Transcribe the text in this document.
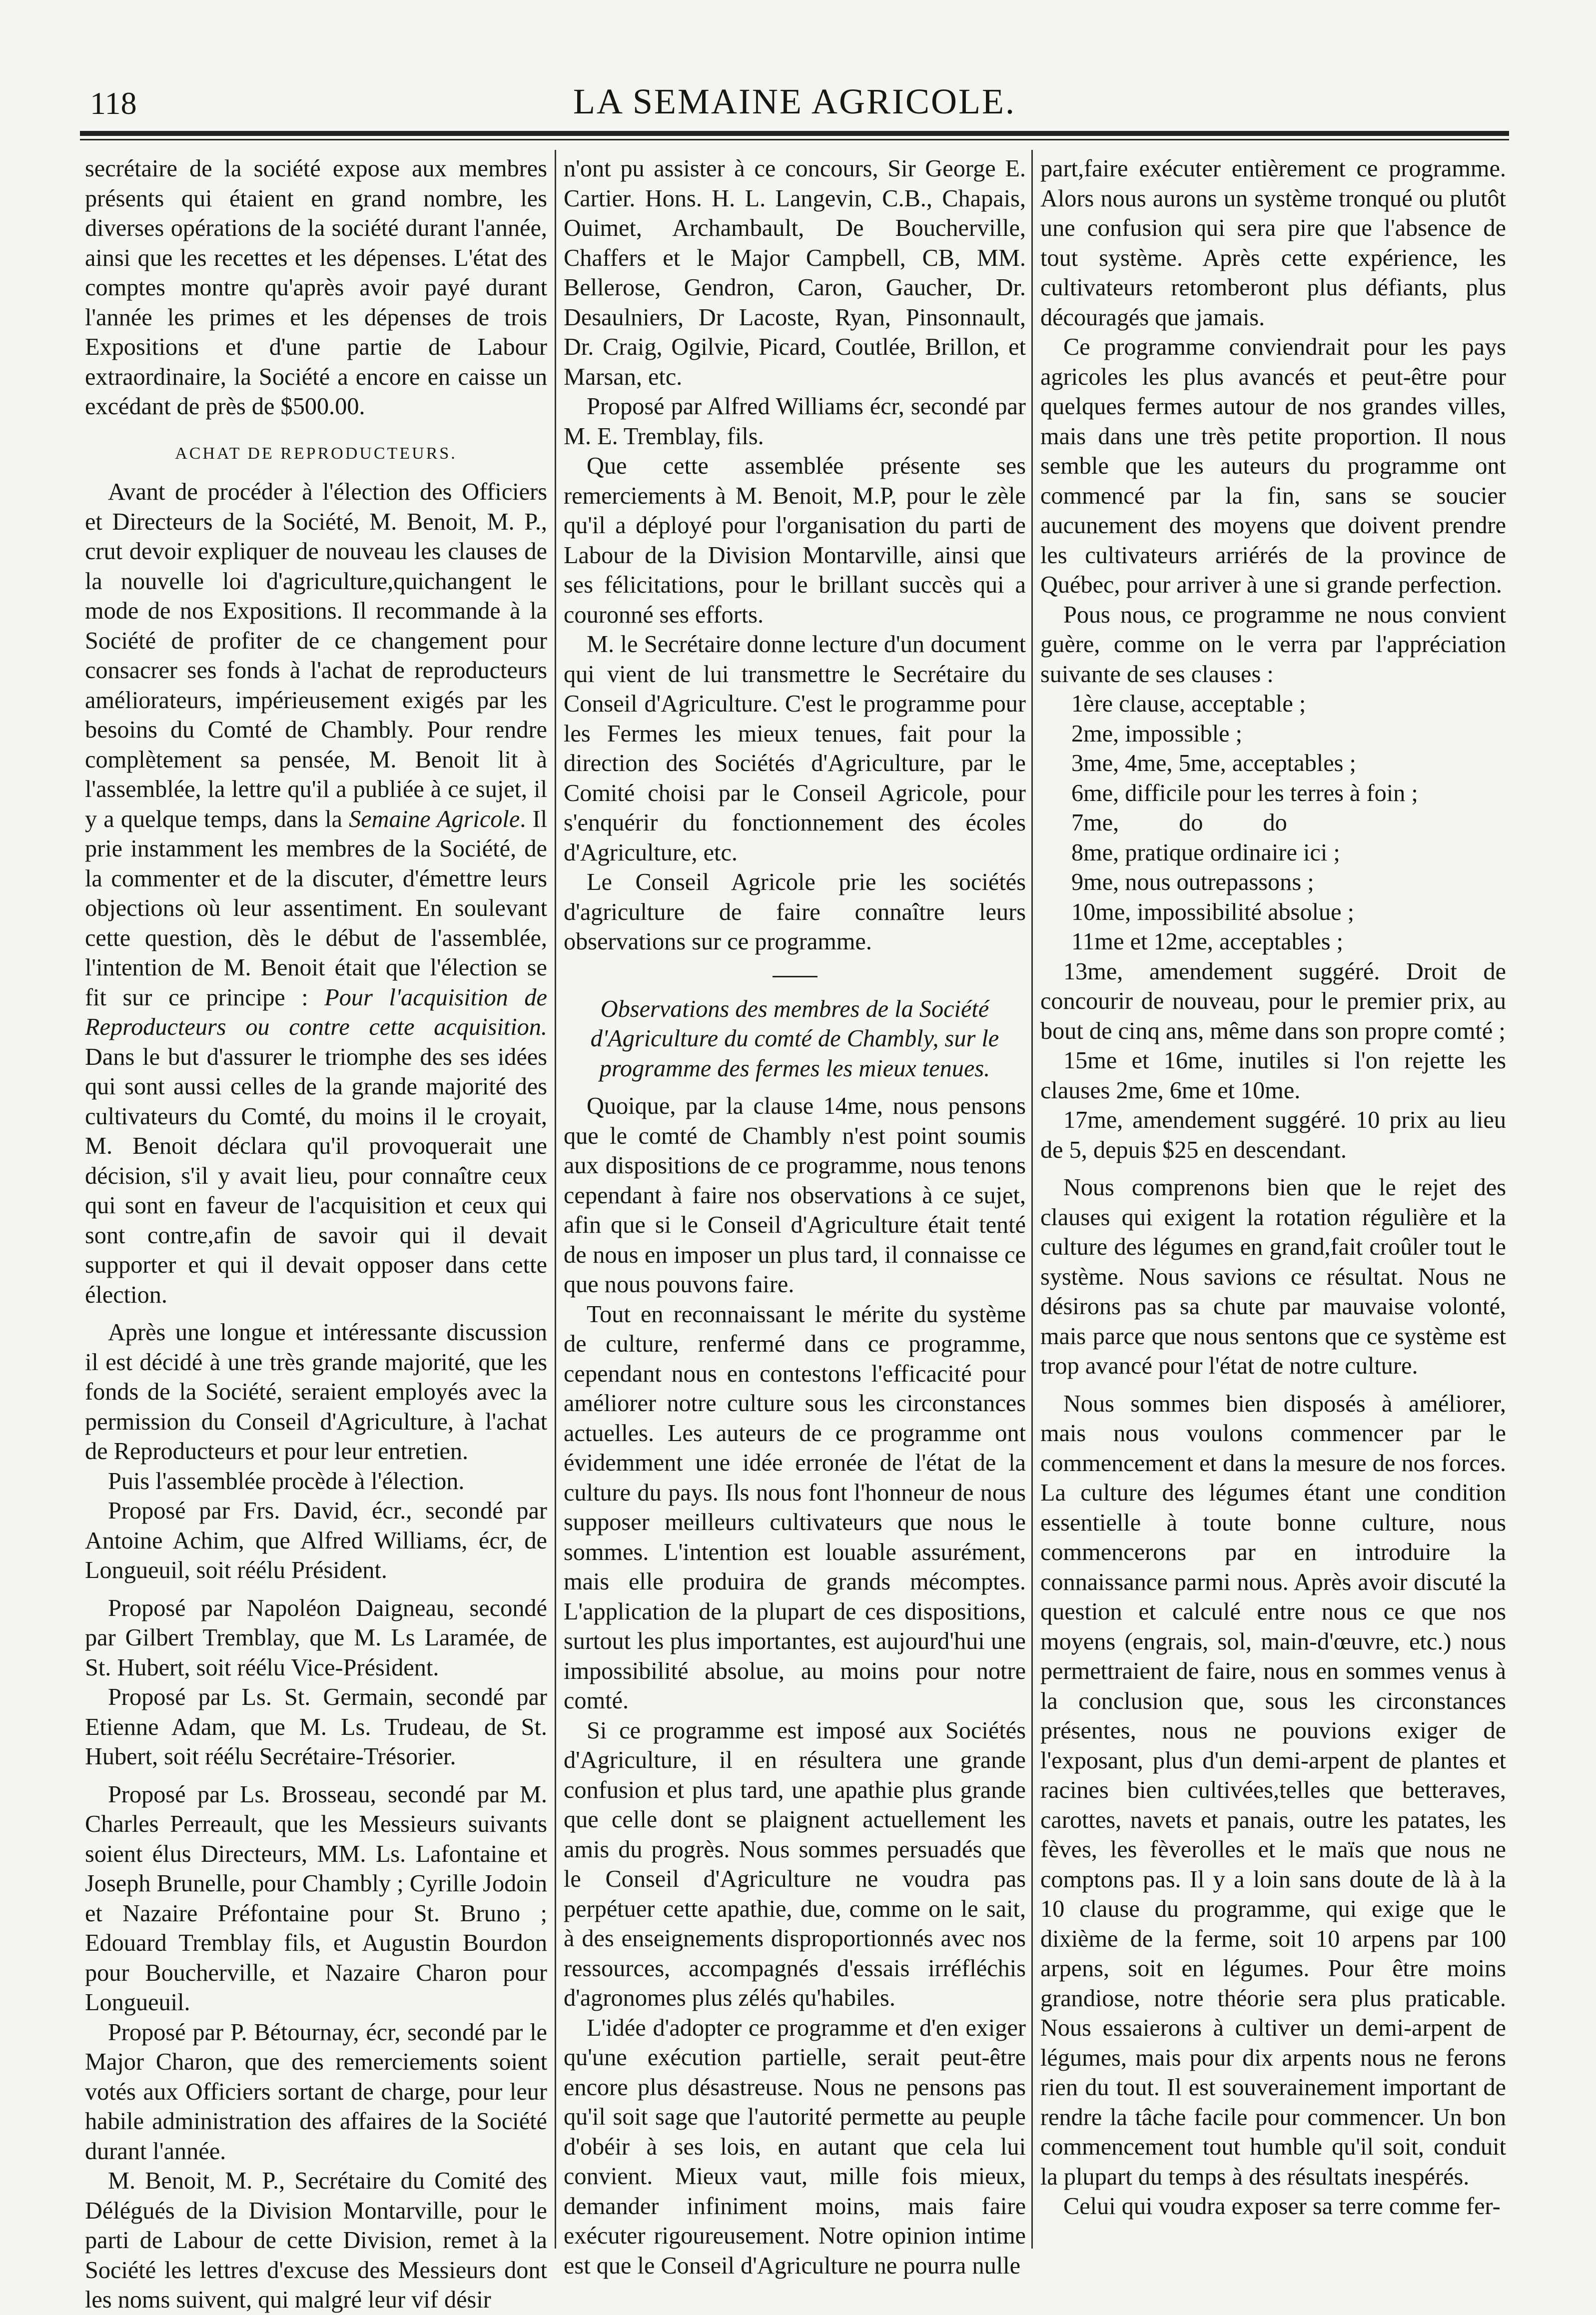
118	LA SEMAINE AGRICOLE.

secrétaire de la société expose aux membres présents qui étaient en grand nombre, les diverses opérations de la société durant l'année, ainsi que les recettes et les dépenses. L'état des comptes montre qu'après avoir payé durant l'année les primes et les dépenses de trois Expositions et d'une partie de Labour extraordinaire, la Société a encore en caisse un excédant de près de $500.00.

ACHAT DE REPRODUCTEURS.

Avant de procéder à l'élection des Officiers et Directeurs de la Société, M. Benoit, M. P., crut devoir expliquer de nouveau les clauses de la nouvelle loi d'agriculture,quichangent le mode de nos Expositions. Il recommande à la Société de profiter de ce changement pour consacrer ses fonds à l'achat de reproducteurs améliorateurs, impérieusement exigés par les besoins du Comté de Chambly. Pour rendre complètement sa pensée, M. Benoit lit à l'assemblée, la lettre qu'il a publiée à ce sujet, il y a quelque temps, dans la Semaine Agricole. Il prie instamment les membres de la Société, de la commenter et de la discuter, d'émettre leurs objections où leur assentiment. En soulevant cette question, dès le début de l'assemblée, l'intention de M. Benoit était que l'élection se fit sur ce principe : Pour l'acquisition de Reproducteurs ou contre cette acquisition. Dans le but d'assurer le triomphe des ses idées qui sont aussi celles de la grande majorité des cultivateurs du Comté, du moins il le croyait, M. Benoit déclara qu'il provoquerait une décision, s'il y avait lieu, pour connaître ceux qui sont en faveur de l'acquisition et ceux qui sont contre,afin de savoir qui il devait supporter et qui il devait opposer dans cette élection.

Après une longue et intéressante discussion il est décidé à une très grande majorité, que les fonds de la Société, seraient employés avec la permission du Conseil d'Agriculture, à l'achat de Reproducteurs et pour leur entretien.

Puis l'assemblée procède à l'élection.

Proposé par Frs. David, écr., secondé par Antoine Achim, que Alfred Williams, écr, de Longueuil, soit réélu Président.

Proposé par Napoléon Daigneau, secondé par Gilbert Tremblay, que M. Ls Laramée, de St. Hubert, soit réélu Vice-Président.

Proposé par Ls. St. Germain, secondé par Etienne Adam, que M. Ls. Trudeau, de St. Hubert, soit réélu Secrétaire-Trésorier.

Proposé par Ls. Brosseau, secondé par M. Charles Perreault, que les Messieurs suivants soient élus Directeurs, MM. Ls. Lafontaine et Joseph Brunelle, pour Chambly ; Cyrille Jodoin et Nazaire Préfontaine pour St. Bruno ; Edouard Tremblay fils, et Augustin Bourdon pour Boucherville, et Nazaire Charon pour Longueuil.

Proposé par P. Bétournay, écr, secondé par le Major Charon, que des remerciements soient votés aux Officiers sortant de charge, pour leur habile administration des affaires de la Société durant l'année.

M. Benoit, M. P., Secrétaire du Comité des Délégués de la Division Montarville, pour le parti de Labour de cette Division, remet à la Société les lettres d'excuse des Messieurs dont les noms suivent, qui malgré leur vif désir

n'ont pu assister à ce concours, Sir George E. Cartier. Hons. H. L. Langevin, C.B., Chapais, Ouimet, Archambault, De Boucherville, Chaffers et le Major Campbell, CB, MM. Bellerose, Gendron, Caron, Gaucher, Dr. Desaulniers, Dr Lacoste, Ryan, Pinsonnault, Dr. Craig, Ogilvie, Picard, Coutlée, Brillon, et Marsan, etc.

Proposé par Alfred Williams écr, secondé par M. E. Tremblay, fils.

Que cette assemblée présente ses remerciements à M. Benoit, M.P, pour le zèle qu'il a déployé pour l'organisation du parti de Labour de la Division Montarville, ainsi que ses félicitations, pour le brillant succès qui a couronné ses efforts.

M. le Secrétaire donne lecture d'un document qui vient de lui transmettre le Secrétaire du Conseil d'Agriculture. C'est le programme pour les Fermes les mieux tenues, fait pour la direction des Sociétés d'Agriculture, par le Comité choisi par le Conseil Agricole, pour s'enquérir du fonctionnement des écoles d'Agriculture, etc.

Le Conseil Agricole prie les sociétés d'agriculture de faire connaître leurs observations sur ce programme.

Observations des membres de la Société d'Agriculture du comté de Chambly, sur le programme des fermes les mieux tenues.

Quoique, par la clause 14me, nous pensons que le comté de Chambly n'est point soumis aux dispositions de ce programme, nous tenons cependant à faire nos observations à ce sujet, afin que si le Conseil d'Agriculture était tenté de nous en imposer un plus tard, il connaisse ce que nous pouvons faire.

Tout en reconnaissant le mérite du système de culture, renfermé dans ce programme, cependant nous en contestons l'efficacité pour améliorer notre culture sous les circonstances actuelles. Les auteurs de ce programme ont évidemment une idée erronée de l'état de la culture du pays. Ils nous font l'honneur de nous supposer meilleurs cultivateurs que nous le sommes. L'intention est louable assurément, mais elle produira de grands mécomptes. L'application de la plupart de ces dispositions, surtout les plus importantes, est aujourd'hui une impossibilité absolue, au moins pour notre comté.

Si ce programme est imposé aux Sociétés d'Agriculture, il en résultera une grande confusion et plus tard, une apathie plus grande que celle dont se plaignent actuellement les amis du progrès. Nous sommes persuadés que le Conseil d'Agriculture ne voudra pas perpétuer cette apathie, due, comme on le sait, à des enseignements disproportionnés avec nos ressources, accompagnés d'essais irréfléchis d'agronomes plus zélés qu'habiles.

L'idée d'adopter ce programme et d'en exiger qu'une exécution partielle, serait peut-être encore plus désastreuse. Nous ne pensons pas qu'il soit sage que l'autorité permette au peuple d'obéir à ses lois, en autant que cela lui convient. Mieux vaut, mille fois mieux, demander infiniment moins, mais faire exécuter rigoureusement. Notre opinion intime est que le Conseil d'Agriculture ne pourra nulle

part,faire exécuter entièrement ce programme. Alors nous aurons un système tronqué ou plutôt une confusion qui sera pire que l'absence de tout système. Après cette expérience, les cultivateurs retomberont plus défiants, plus découragés que jamais.

Ce programme conviendrait pour les pays agricoles les plus avancés et peut-être pour quelques fermes autour de nos grandes villes, mais dans une très petite proportion. Il nous semble que les auteurs du programme ont commencé par la fin, sans se soucier aucunement des moyens que doivent prendre les cultivateurs arriérés de la province de Québec, pour arriver à une si grande perfection.

Pous nous, ce programme ne nous convient guère, comme on le verra par l'appréciation suivante de ses clauses :

1ère clause, acceptable ;
2me, impossible ;
3me, 4me, 5me, acceptables ;
6me, difficile pour les terres à foin ;
7me, do do
8me, pratique ordinaire ici ;
9me, nous outrepassons ;
10me, impossibilité absolue ;
11me et 12me, acceptables ;

13me, amendement suggéré. Droit de concourir de nouveau, pour le premier prix, au bout de cinq ans, même dans son propre comté ;

15me et 16me, inutiles si l'on rejette les clauses 2me, 6me et 10me.

17me, amendement suggéré. 10 prix au lieu de 5, depuis $25 en descendant.

Nous comprenons bien que le rejet des clauses qui exigent la rotation régulière et la culture des légumes en grand,fait croûler tout le système. Nous savions ce résultat. Nous ne désirons pas sa chute par mauvaise volonté, mais parce que nous sentons que ce système est trop avancé pour l'état de notre culture.

Nous sommes bien disposés à améliorer, mais nous voulons commencer par le commencement et dans la mesure de nos forces. La culture des légumes étant une condition essentielle à toute bonne culture, nous commencerons par en introduire la connaissance parmi nous. Après avoir discuté la question et calculé entre nous ce que nos moyens (engrais, sol, main-d'œuvre, etc.) nous permettraient de faire, nous en sommes venus à la conclusion que, sous les circonstances présentes, nous ne pouvions exiger de l'exposant, plus d'un demi-arpent de plantes et racines bien cultivées,telles que betteraves, carottes, navets et panais, outre les patates, les fèves, les fèverolles et le maïs que nous ne comptons pas. Il y a loin sans doute de là à la 10 clause du programme, qui exige que le dixième de la ferme, soit 10 arpens par 100 arpens, soit en légumes. Pour être moins grandiose, notre théorie sera plus praticable. Nous essaierons à cultiver un demi-arpent de légumes, mais pour dix arpents nous ne ferons rien du tout. Il est souverainement important de rendre la tâche facile pour commencer. Un bon commencement tout humble qu'il soit, conduit la plupart du temps à des résultats inespérés.

Celui qui voudra exposer sa terre comme fer-
